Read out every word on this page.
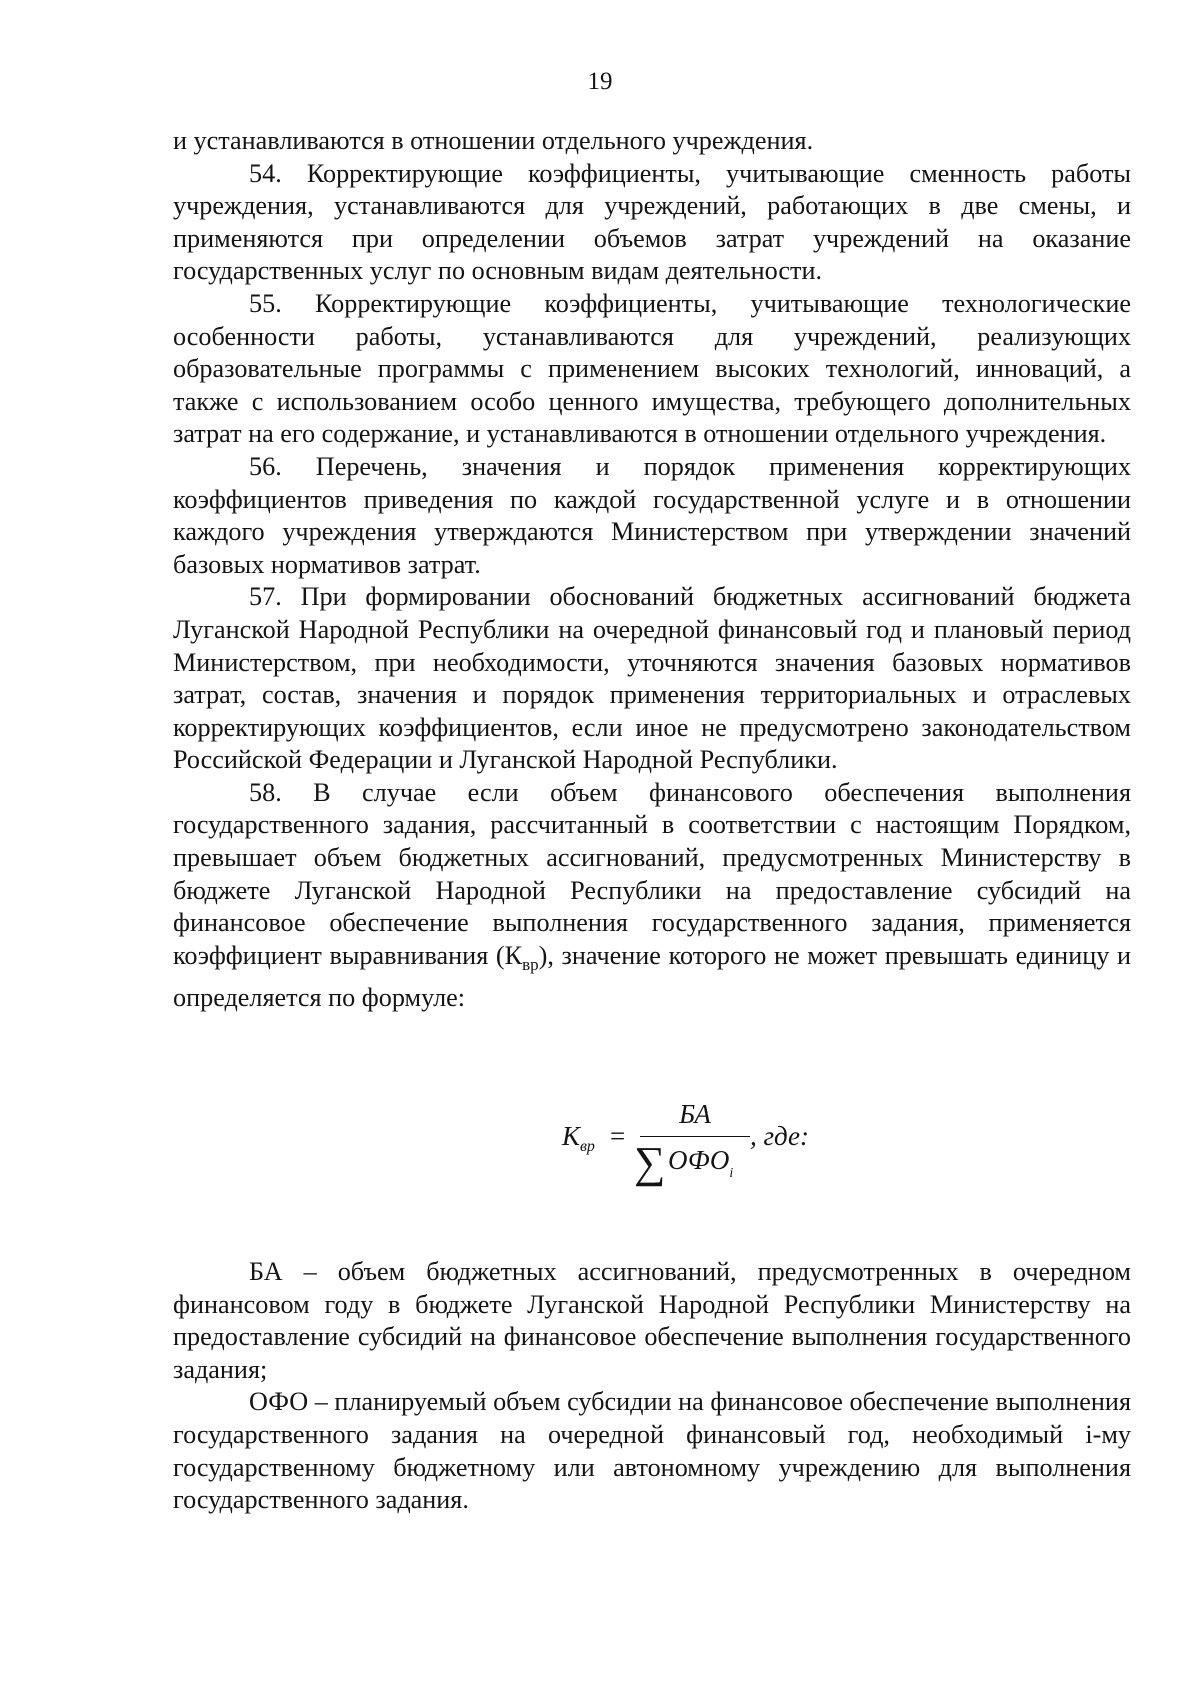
19

и устанавливаются в отношении отдельного учреждения.

54. Корректирующие коэффициенты, учитывающие сменность работы учреждения, устанавливаются для учреждений, работающих в две смены, и применяются при определении объемов затрат учреждений на оказание государственных услуг по основным видам деятельности.

55. Корректирующие коэффициенты, учитывающие технологические особенности работы, устанавливаются для учреждений, реализующих образовательные программы с применением высоких технологий, инноваций, а также с использованием особо ценного имущества, требующего дополнительных затрат на его содержание, и устанавливаются в отношении отдельного учреждения.

56. Перечень, значения и порядок применения корректирующих коэффициентов приведения по каждой государственной услуге и в отношении каждого учреждения утверждаются Министерством при утверждении значений базовых нормативов затрат.

57. При формировании обоснований бюджетных ассигнований бюджета Луганской Народной Республики на очередной финансовый год и плановый период Министерством, при необходимости, уточняются значения базовых нормативов затрат, состав, значения и порядок применения территориальных и отраслевых корректирующих коэффициентов, если иное не предусмотрено законодательством Российской Федерации и Луганской Народной Республики.

58. В случае если объем финансового обеспечения выполнения государственного задания, рассчитанный в соответствии с настоящим Порядком, превышает объем бюджетных ассигнований, предусмотренных Министерству в бюджете Луганской Народной Республики на предоставление субсидий на финансовое обеспечение выполнения государственного задания, применяется коэффициент выравнивания $(К_{вр})$, значение которого не может превышать единицу и определяется по формуле:

$К_{вр}$ =
БА
∑ $ОФО_i$
, где:

БА – объем бюджетных ассигнований, предусмотренных в очередном финансовом году в бюджете Луганской Народной Республики Министерству на предоставление субсидий на финансовое обеспечение выполнения государственного задания;

ОФО – планируемый объем субсидии на финансовое обеспечение выполнения государственного задания на очередной финансовый год, необходимый i-му государственному бюджетному или автономному учреждению для выполнения государственного задания.
